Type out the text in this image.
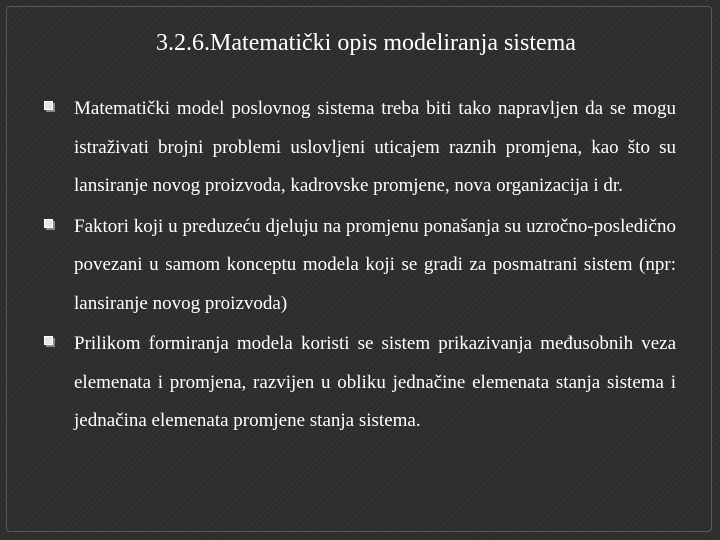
3.2.6.Matematički opis modeliranja sistema
Matematički model poslovnog sistema treba biti tako napravljen da se mogu istraživati brojni problemi uslovljeni uticajem raznih promjena, kao što su lansiranje novog proizvoda, kadrovske promjene, nova organizacija i dr.
Faktori koji u preduzeću djeluju na promjenu ponašanja su uzročno-posledično povezani u samom konceptu modela koji se gradi za posmatrani sistem (npr: lansiranje novog proizvoda)
Prilikom formiranja modela koristi se sistem prikazivanja međusobnih veza elemenata i promjena, razvijen u obliku jednačine elemenata stanja sistema i jednačina elemenata promjene stanja sistema.
